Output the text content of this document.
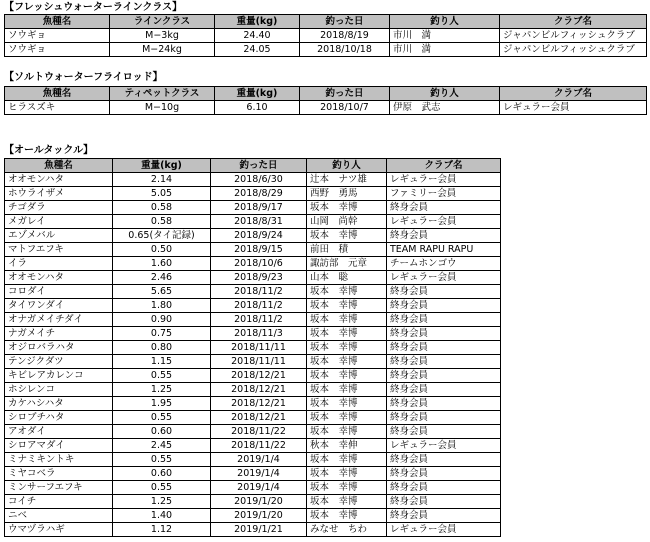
【フレッシュウォーターラインクラス】
魚種名	ラインクラス	重量(kg)	釣った日	釣り人	クラブ名
ソウギョ	M−3kg	24.40	2018/8/19	市川　満	ジャパンビルフィッシュクラブ
ソウギョ	M−24kg	24.05	2018/10/18	市川　満	ジャパンビルフィッシュクラブ
【ソルトウォーターフライロッド】
魚種名	ティペットクラス	重量(kg)	釣った日	釣り人	クラブ名
ヒラスズキ	M−10g	6.10	2018/10/7	伊原　武志	レギュラー会員
【オールタックル】
魚種名	重量(kg)	釣った日	釣り人	クラブ名
オオモンハタ	2.14	2018/6/30	辻本　ナツ雄	レギュラー会員
ホウライザメ	5.05	2018/8/29	西野　勇馬	ファミリー会員
チゴダラ	0.58	2018/9/17	坂本　幸博	終身会員
メガレイ	0.58	2018/8/31	山岡　尚幹	レギュラー会員
エゾメバル	0.65(タイ記録)	2018/9/24	坂本　幸博	終身会員
マトフエフキ	0.50	2018/9/15	前田　積	TEAM RAPU RAPU
イラ	1.60	2018/10/6	諏訪部　元章	チームホンゴウ
オオモンハタ	2.46	2018/9/23	山本　聡	レギュラー会員
コロダイ	5.65	2018/11/2	坂本　幸博	終身会員
タイワンダイ	1.80	2018/11/2	坂本　幸博	終身会員
オナガメイチダイ	0.90	2018/11/2	坂本　幸博	終身会員
ナガメイチ	0.75	2018/11/3	坂本　幸博	終身会員
オジロバラハタ	0.80	2018/11/11	坂本　幸博	終身会員
テンジクダツ	1.15	2018/11/11	坂本　幸博	終身会員
キビレアカレンコ	0.55	2018/12/21	坂本　幸博	終身会員
ホシレンコ	1.25	2018/12/21	坂本　幸博	終身会員
カケハシハタ	1.95	2018/12/21	坂本　幸博	終身会員
シロブチハタ	0.55	2018/12/21	坂本　幸博	終身会員
アオダイ	0.60	2018/11/22	坂本　幸博	終身会員
シロアマダイ	2.45	2018/11/22	秋本　幸伸	レギュラー会員
ミナミキントキ	0.55	2019/1/4	坂本　幸博	終身会員
ミヤコベラ	0.60	2019/1/4	坂本　幸博	終身会員
ミンサーフエフキ	0.55	2019/1/4	坂本　幸博	終身会員
コイチ	1.25	2019/1/20	坂本　幸博	終身会員
ニベ	1.40	2019/1/20	坂本　幸博	終身会員
ウマヅラハギ	1.12	2019/1/21	みなせ　ちわ	レギュラー会員
